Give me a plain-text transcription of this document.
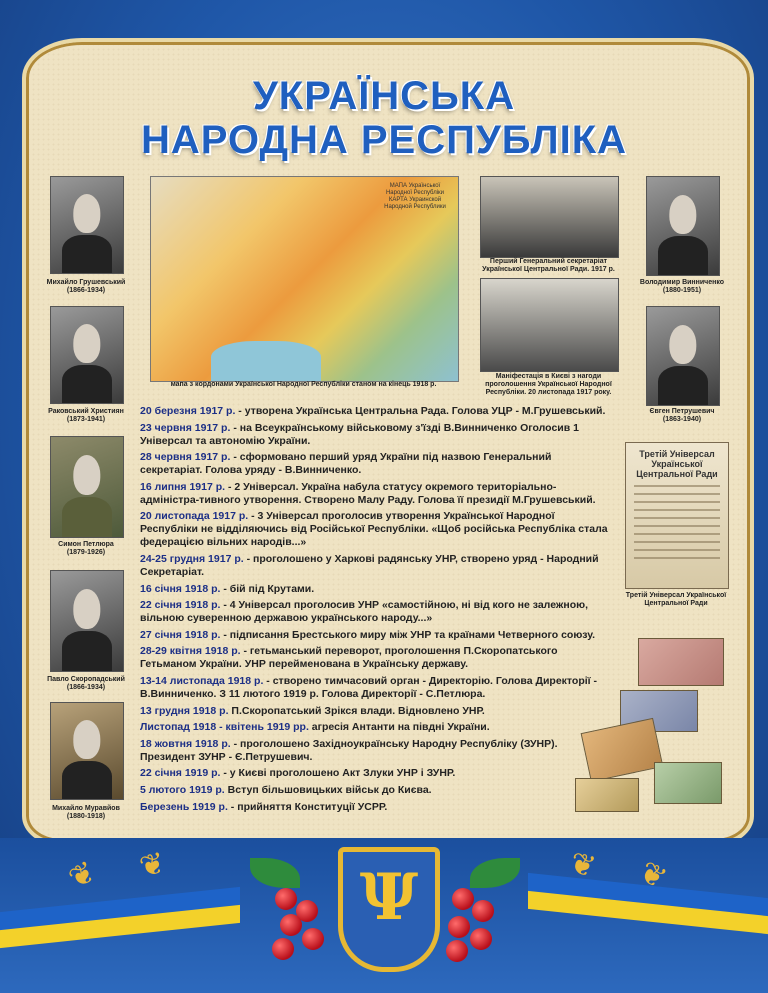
УКРАЇНСЬКА
НАРОДНА РЕСПУБЛІКА
Михайло Грушевський
(1866-1934)
Раковський Християн
(1873-1941)
Симон Петлюра
(1879-1926)
Павло Скоропадський
(1866-1934)
Михайло Муравйов
(1880-1918)
МАПА Української Народної Республіки КАРТА Украинской Народной Республики
мапа з кордонами Української Народної Республіки станом на кінець 1918 р.
Перший Генеральний секретаріат Української Центральної Ради. 1917 р.
Маніфестація в Києві з нагоди проголошення Української Народної Республіки. 20 листопада 1917 року.
Володимир Винниченко
(1880-1951)
Євген Петрушевич
(1863-1940)
Третій Універсал Української Центральної Ради
Третій Універсал Української Центральної Ради
20 березня 1917 р. - утворена Українська Центральна Рада. Голова УЦР - М.Грушевський.
23 червня 1917 р. - на Всеукраїнському військовому з'їзді В.Винниченко Оголосив 1 Універсал та автономію України.
28 червня 1917 р. - сформовано перший уряд України під назвою Генеральний секретаріат. Голова уряду - В.Винниченко.
16 липня 1917 р. - 2 Універсал. Україна набула статусу окремого територіально-адміністра-тивного утворення. Створено Малу Раду. Голова її президії М.Грушевський.
20 листопада 1917 р. - 3 Універсал проголосив утворення Української Народної Республіки не відділяючись від Російської Республіки. «Щоб російська Республіка стала федерацією вільних народів...»
24-25 грудня 1917 р. - проголошено у Харкові радянську УНР, створено уряд - Народний Секретаріат.
16 січня 1918 р. - бій під Крутами.
22 січня 1918 р. - 4 Універсал проголосив УНР «самостійною, ні від кого не залежною, вільною суверенною державою українського народу...»
27 січня 1918 р. - підписання Брестського миру між УНР та країнами Четверного союзу.
28-29 квітня 1918 р. - гетьманський переворот, проголошення П.Скоропатського Гетьманом України. УНР перейменована в Українську державу.
13-14 листопада 1918 р. - створено тимчасовий орган - Директорію. Голова Директорії - В.Винниченко. З 11 лютого 1919 р. Голова Директорії - С.Петлюра.
13 грудня 1918 р. П.Скоропатський Зрікся влади. Відновлено УНР.
Листопад 1918 - квітень 1919 рр. агресія Антанти на півдні України.
18 жовтня 1918 р. - проголошено Західноукраїнську Народну Республіку (ЗУНР). Президент ЗУНР - Є.Петрушевич.
22 січня 1919 р. - у Києві проголошено Акт Злуки УНР і ЗУНР.
5 лютого 1919 р. Вступ більшовицьких військ до Києва.
Березень 1919 р. - прийняття Конституції УСРР.
❦ ❦	❦ ❦
Ψ
